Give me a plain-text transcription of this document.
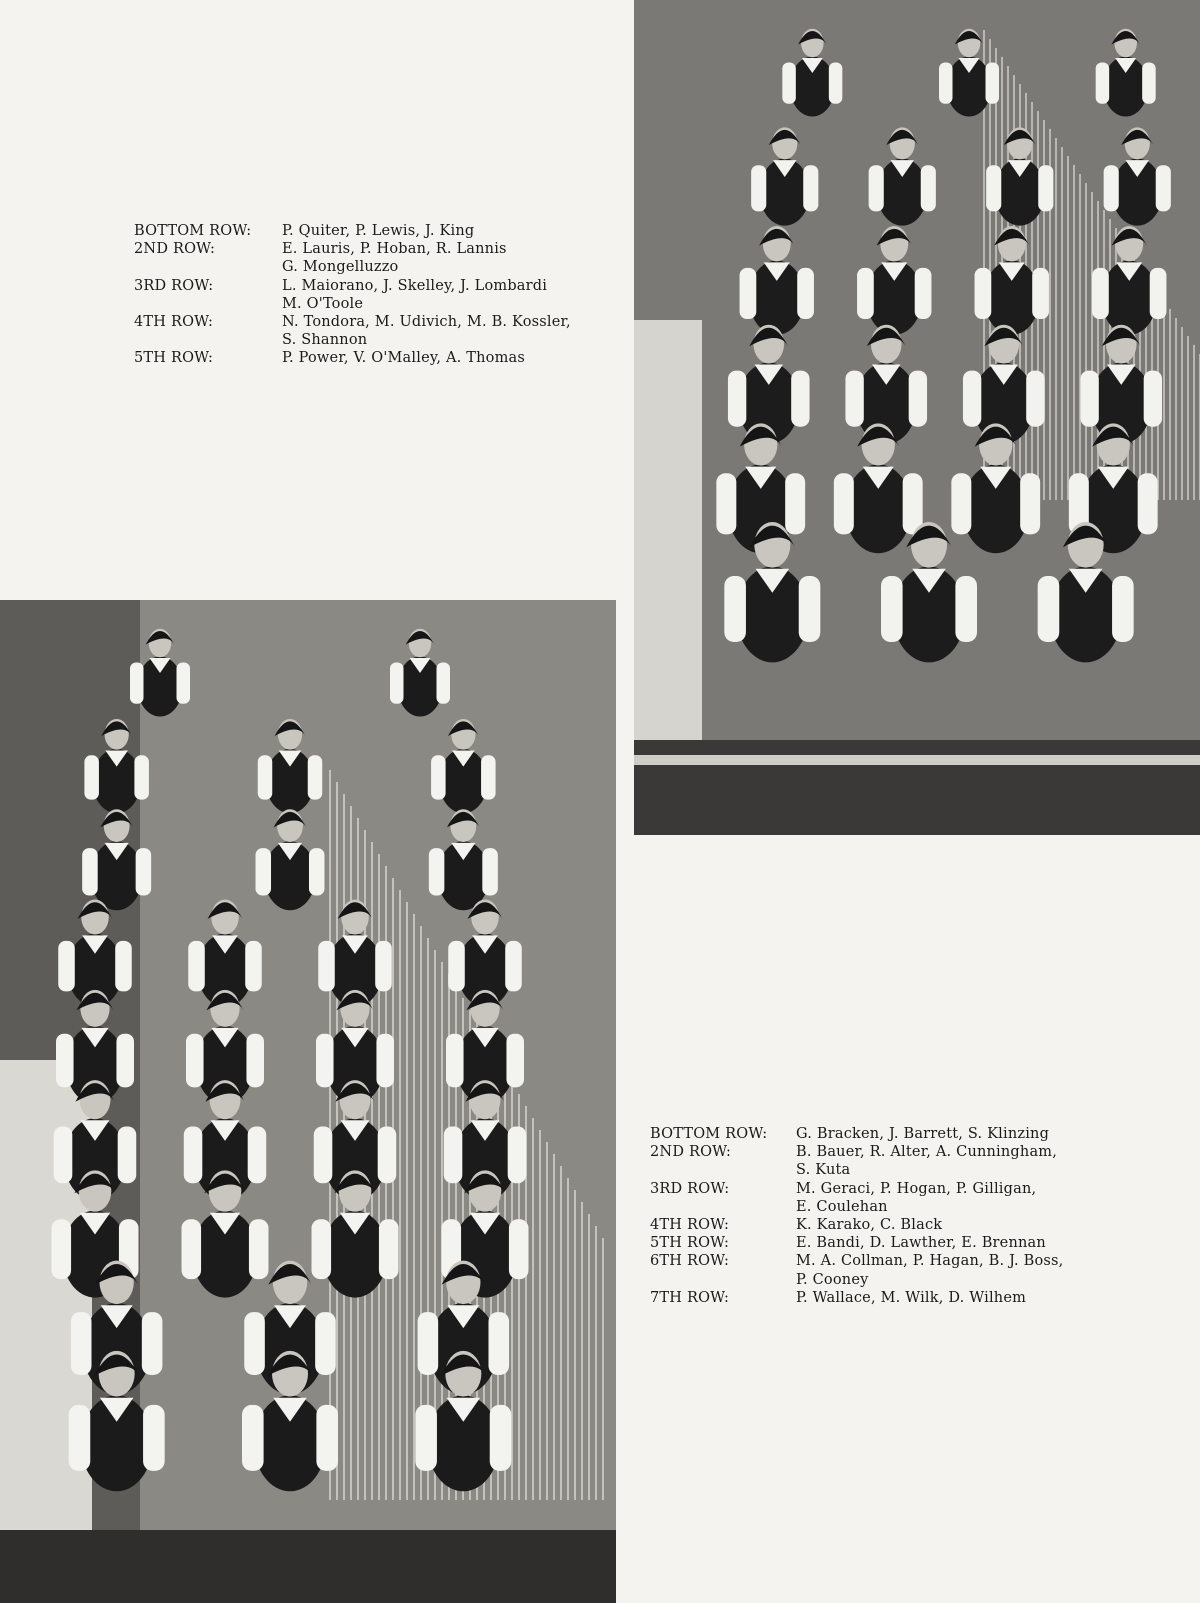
BOTTOM ROW:	P. Quiter, P. Lewis, J. King
2ND ROW:	E. Lauris, P. Hoban, R. Lannis
G. Mongelluzzo
3RD ROW:	L. Maiorano, J. Skelley, J. Lombardi
M. O'Toole
4TH ROW:	N. Tondora, M. Udivich, M. B. Kossler,
S. Shannon
5TH ROW:	P. Power, V. O'Malley, A. Thomas
BOTTOM ROW:	G. Bracken, J. Barrett, S. Klinzing
2ND ROW:	B. Bauer, R. Alter, A. Cunningham,
S. Kuta
3RD ROW:	M. Geraci, P. Hogan, P. Gilligan,
E. Coulehan
4TH ROW:	K. Karako, C. Black
5TH ROW:	E. Bandi, D. Lawther, E. Brennan
6TH ROW:	M. A. Collman, P. Hagan, B. J. Boss,
P. Cooney
7TH ROW:	P. Wallace, M. Wilk, D. Wilhem
